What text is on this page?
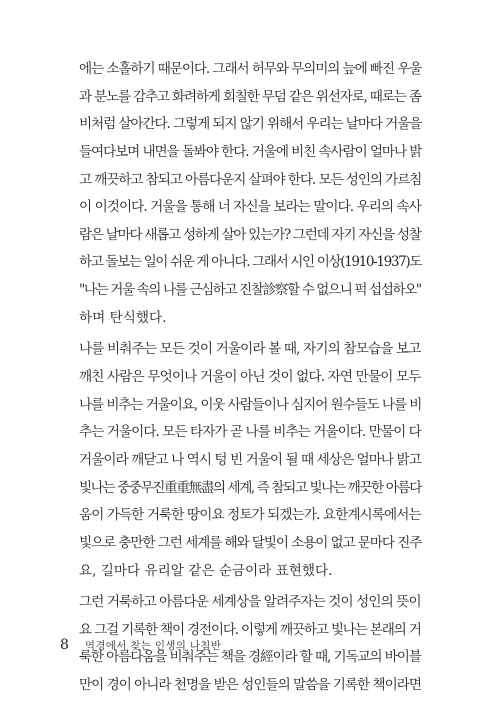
에는 소홀하기 때문이다. 그래서 허무와 무의미의 늪에 빠진 우울
과 분노를 감추고 화려하게 회칠한 무덤 같은 위선자로, 때로는 좀
비처럼 살아간다. 그렇게 되지 않기 위해서 우리는 날마다 거울을
들여다보며 내면을 돌봐야 한다. 거울에 비친 속사람이 얼마나 밝
고 깨끗하고 참되고 아름다운지 살펴야 한다. 모든 성인의 가르침
이 이것이다. 거울을 통해 너 자신을 보라는 말이다. 우리의 속사
람은 날마다 새롭고 성하게 살아 있는가? 그런데 자기 자신을 성찰
하고 돌보는 일이 쉬운 게 아니다. 그래서 시인 이상(1910-1937)도
"나는 거울 속의 나를 근심하고 진찰診察할 수 없으니 퍽 섭섭하오"
하며 탄식했다.
나를 비춰주는 모든 것이 거울이라 볼 때, 자기의 참모습을 보고
깨친 사람은 무엇이나 거울이 아닌 것이 없다. 자연 만물이 모두
나를 비추는 거울이요, 이웃 사람들이나 심지어 원수들도 나를 비
추는 거울이다. 모든 타자가 곧 나를 비추는 거울이다. 만물이 다
거울이라 깨닫고 나 역시 텅 빈 거울이 될 때 세상은 얼마나 밝고
빛나는 중중무진重重無盡의 세계, 즉 참되고 빛나는 깨끗한 아름다
움이 가득한 거룩한 땅이요 정토가 되겠는가. 요한계시록에서는
빛으로 충만한 그런 세계를 해와 달빛이 소용이 없고 문마다 진주
요, 길마다 유리알 같은 순금이라 표현했다.
그런 거룩하고 아름다운 세계상을 알려주자는 것이 성인의 뜻이
요 그걸 기록한 책이 경전이다. 이렇게 깨끗하고 빛나는 본래의 거
룩한 아름다움을 비춰주는 책을 경經이라 할 때, 기독교의 바이블
만이 경이 아니라 천명을 받은 성인들의 말씀을 기록한 책이라면
8 역경에서 찾는 인생의 나침반
